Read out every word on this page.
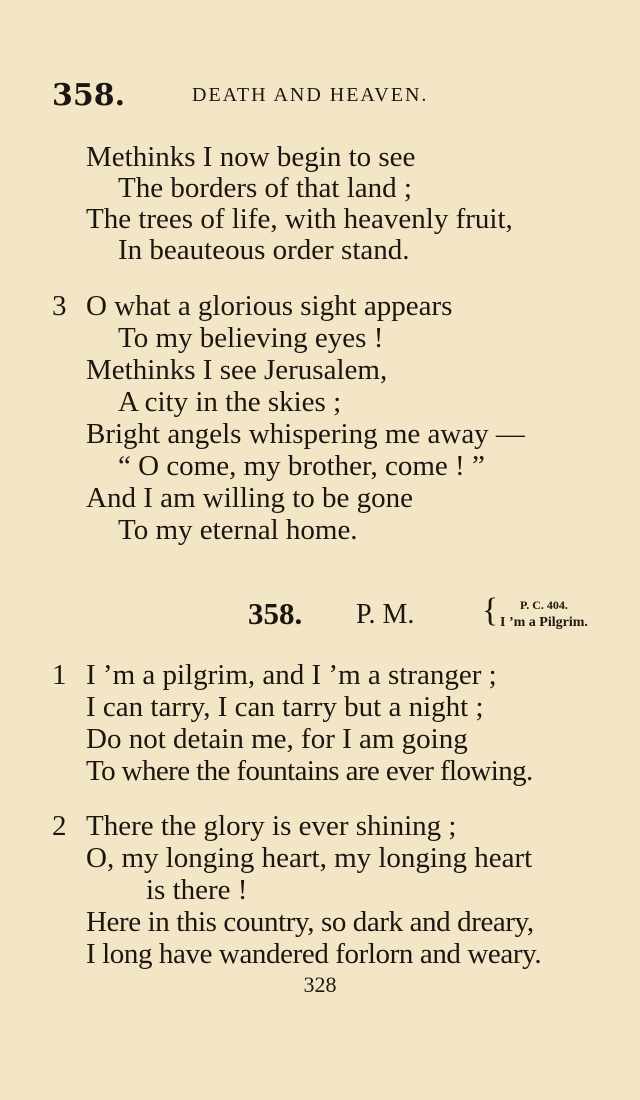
358.	DEATH AND HEAVEN.
Methinks I now begin to see
The borders of that land ;
The trees of life, with heavenly fruit,
In beauteous order stand.
3 O what a glorious sight appears
To my believing eyes !
Methinks I see Jerusalem,
A city in the skies ;
Bright angels whispering me away —
“ O come, my brother, come ! ”
And I am willing to be gone
To my eternal home.
358. P. M. { P. C. 404.
I ’m a Pilgrim.
1 I ’m a pilgrim, and I ’m a stranger ;
I can tarry, I can tarry but a night ;
Do not detain me, for I am going
To where the fountains are ever flowing.
2 There the glory is ever shining ;
O, my longing heart, my longing heart
is there !
Here in this country, so dark and dreary,
I long have wandered forlorn and weary.
328
